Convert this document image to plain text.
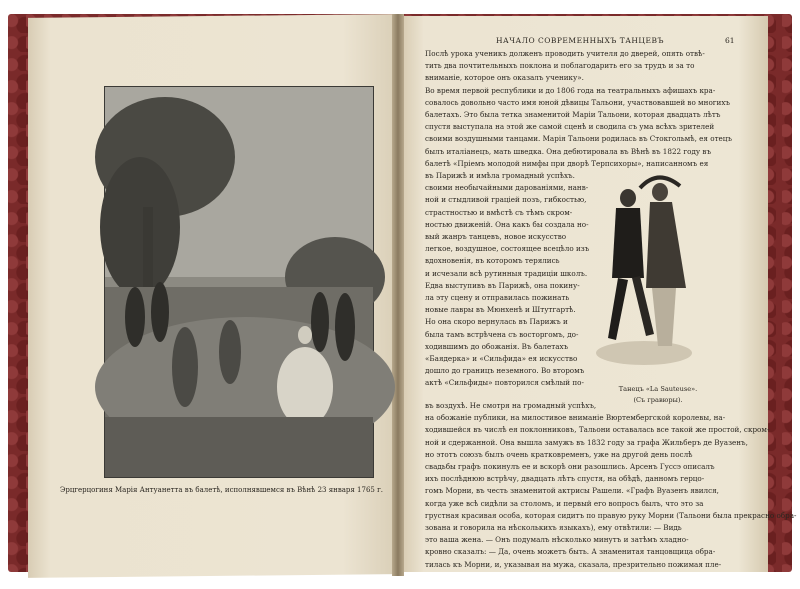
Эрцгерцогиня Марія Антуанетта въ балетѣ, исполнявшемся въ Вѣнѣ 23 января 1765 г.
НАЧАЛО СОВРЕМЕННЫХЪ ТАНЦЕВЪ	61
Послѣ урока ученикъ долженъ проводить учителя до дверей, опять отвѣ-
тить два почтительныхъ поклона и поблагодарить его за трудъ и за то
вниманіе, которое онъ оказалъ ученику».
Во время первой республики и до 1806 года на театральныхъ афишахъ кра-
совалось довольно часто имя юной дѣвицы Тальони, участвовавшей во многихъ
балетахъ. Это была тетка знаменитой Маріи Тальони, которая двадцать лѣтъ
спустя выступала на этой же самой сценѣ и сводила съ ума всѣхъ зрителей
своими воздушными танцами. Марія Тальони родилась въ Стокгольмѣ, ея отецъ
былъ италіанецъ, мать шведка. Она дебютировала въ Вѣнѣ въ 1822 году въ
балетѣ «Пріемъ молодой нимфы при дворѣ Терпсихоры», написанномъ ея
въ Парижѣ и имѣла громадный успѣхъ.
своими необычайными дарованіями, нанв-
ной и стыдливой граціей позъ, гибкостью,
страстностью и вмѣстѣ съ тѣмъ скром-
ностью движеній. Она какъ бы создала но-
вый жанръ танцевъ, новое искусство
легкое, воздушное, состоящее всецѣло изъ
вдохновенія, въ которомъ терялись
и исчезали всѣ рутинныя традиціи школъ.
Едва выступивъ въ Парижѣ, она покину-
ла эту сцену и отправилась пожинать
новые лавры въ Мюнхенѣ и Штутгартѣ.
Но она скоро вернулась въ Парижъ и
была тамъ встрѣчена съ восторгомъ, до-
ходившимъ до обожанія. Въ балетахъ
«Баядерка» и «Сильфида» ея искусство
дошло до границъ неземного. Во второмъ
актѣ «Сильфиды» повторился смѣлый по-
Танецъ «La Sauteuse».
(Съ гравюры).
въ воздухѣ. Не смотря на громадный успѣхъ,
на обожаніе публики, на милостивое вниманіе Вюртембергской королевы, на-
ходившейся въ числѣ ея поклонниковъ, Тальони оставалась все такой же простой, скром-
ной и сдержанной. Она вышла замужъ въ 1832 году за графа Жильберъ де Вуазенъ,
но этотъ союзъ былъ очень кратковременъ, уже на другой день послѣ
свадьбы графъ покинулъ ее и вскорѣ они разошлись. Арсенъ Гуссэ описалъ
ихъ послѣднюю встрѣчу, двадцать лѣтъ спустя, на обѣдѣ, данномъ герцо-
гомъ Морни, въ честь знаменитой актрисы Рашели. «Графъ Вуазенъ явился,
когда уже всѣ сидѣли за столомъ, и первый его вопросъ былъ, что это за
грустная красивая особа, которая сидитъ по правую руку Морни (Тальони была прекрасно обра-
зована и говорила на нѣсколькихъ языкахъ), ему отвѣтили: — Видь
это ваша жена. — Онъ подумалъ нѣсколько минутъ и затѣмъ хладно-
кровно сказалъ: — Да, очень можетъ быть. А знаменитая танцовщица обра-
тилась къ Морни, и, указывая на мужа, сказала, презрительно пожимая пле-
